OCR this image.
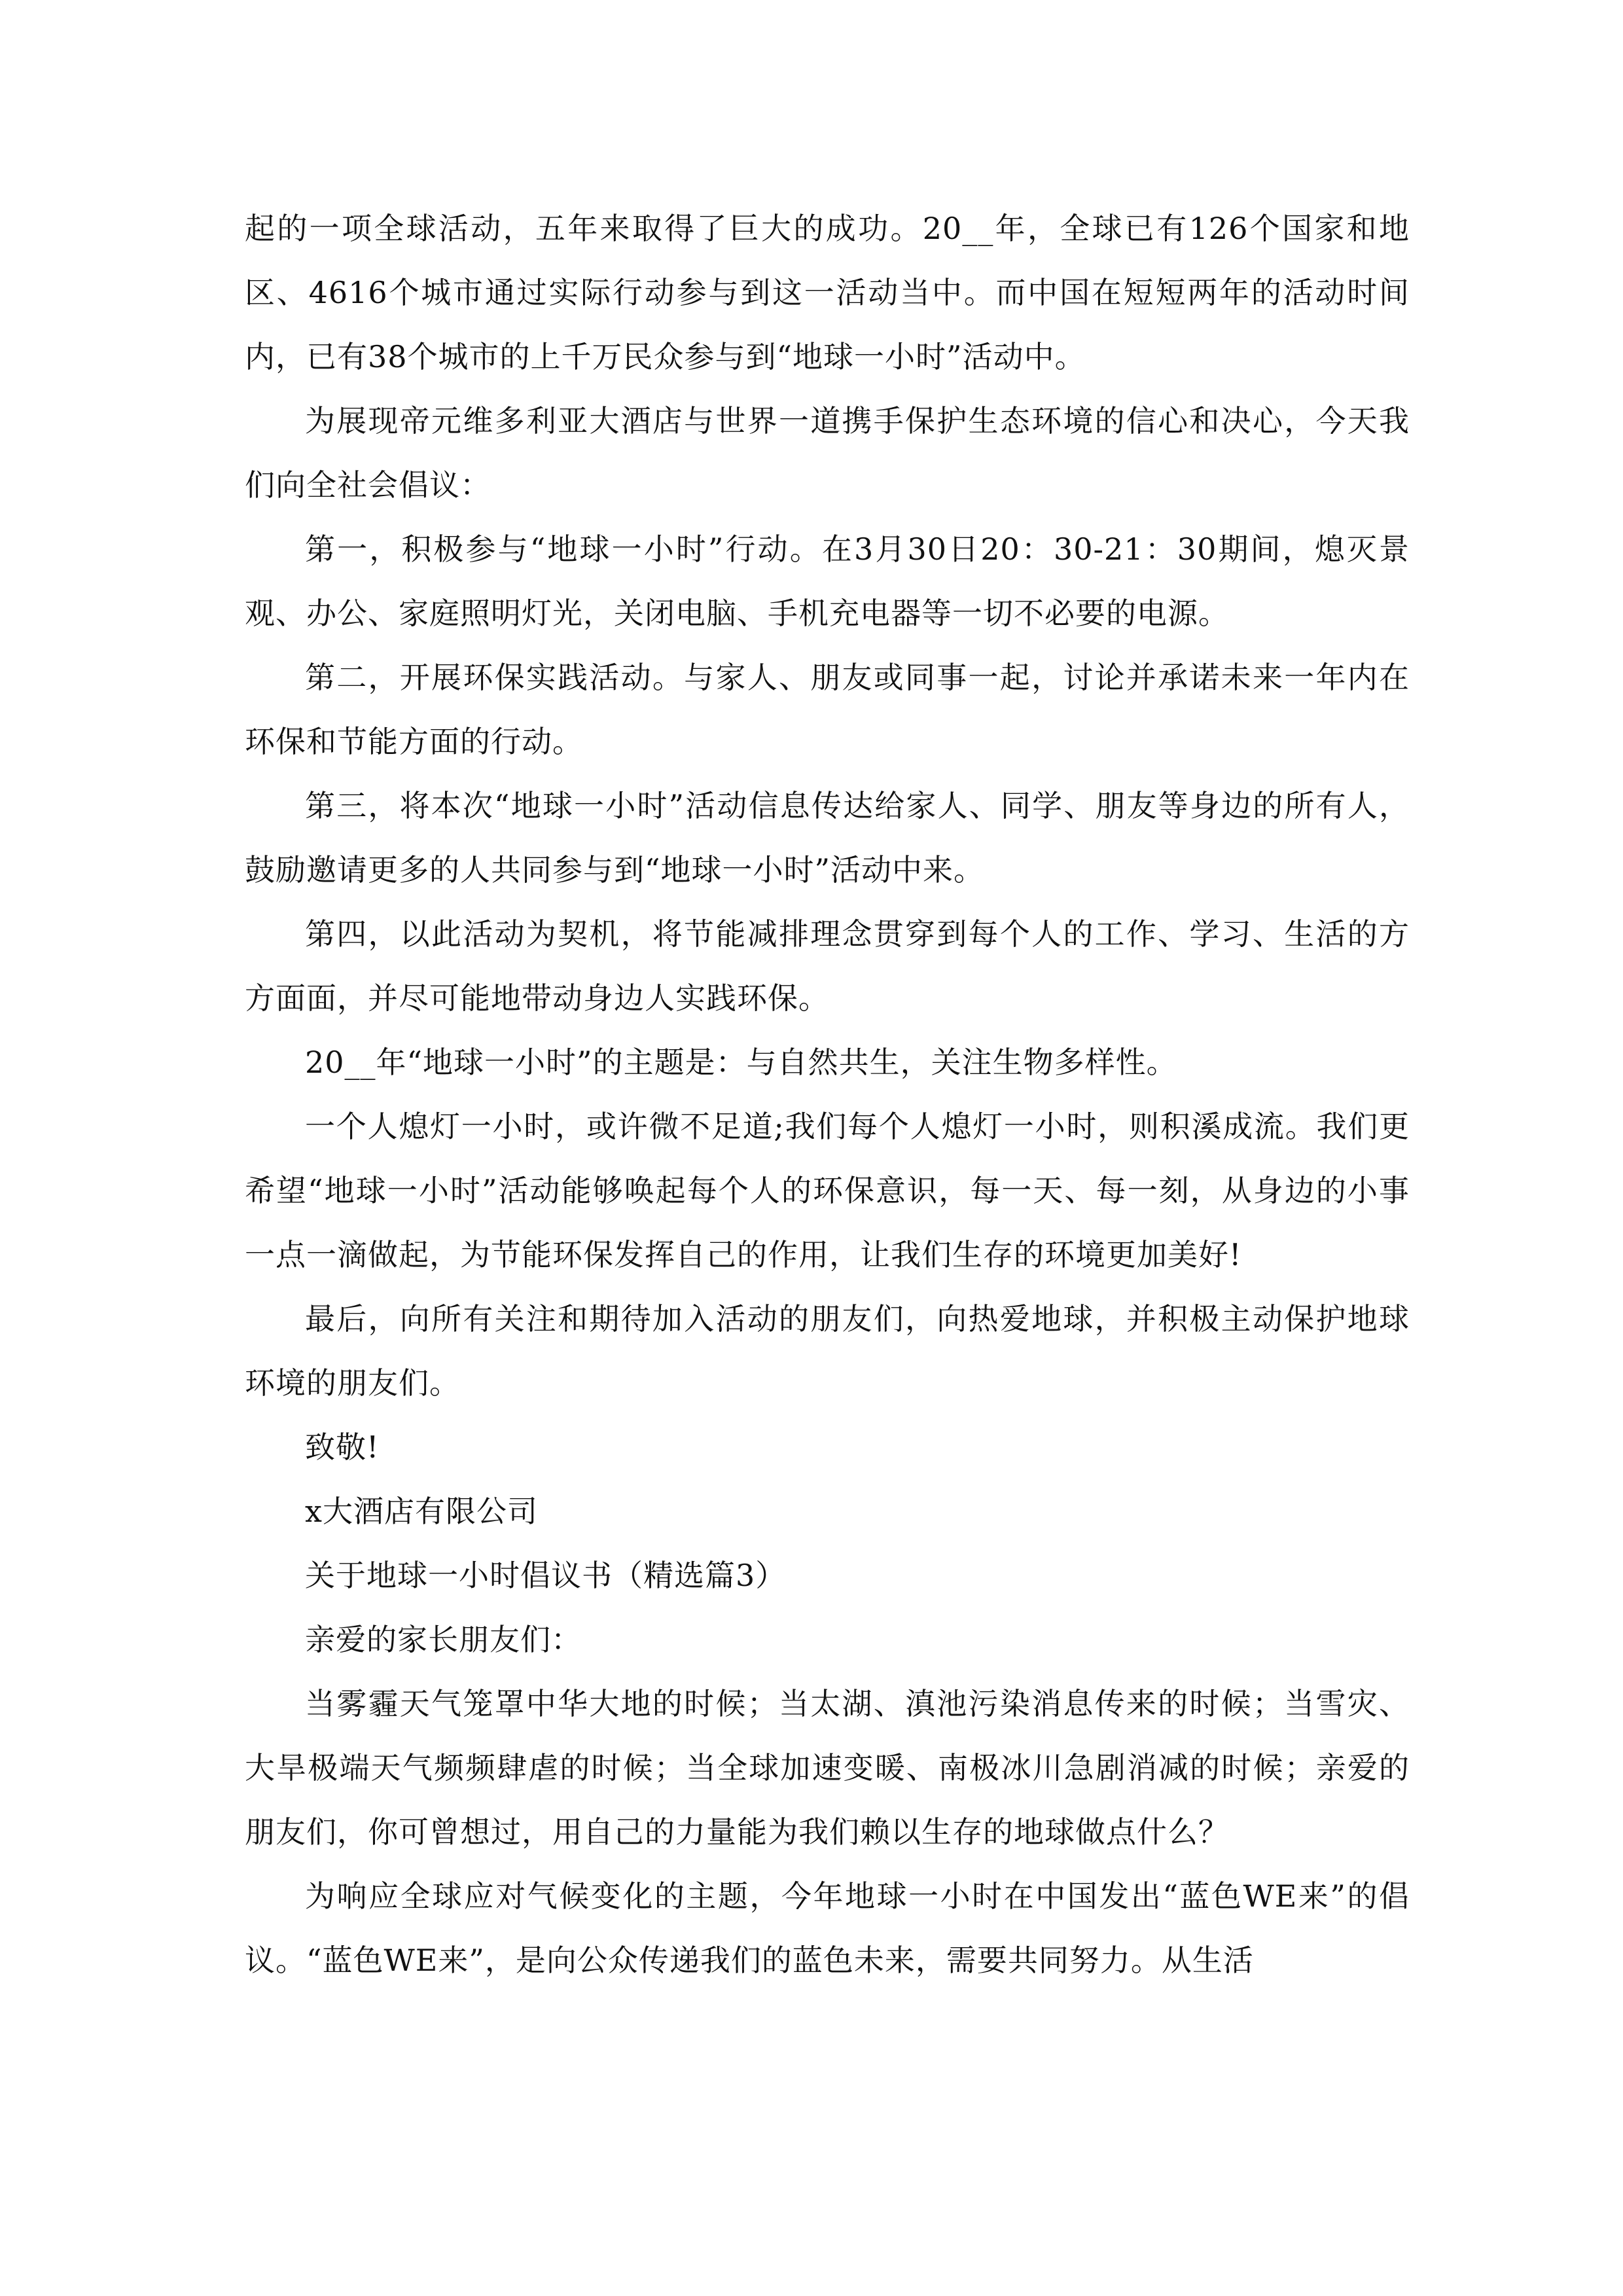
起的一项全球活动，五年来取得了巨大的成功。20__年，全球已有126个国家和地区、4616个城市通过实际行动参与到这一活动当中。而中国在短短两年的活动时间内，已有38个城市的上千万民众参与到“地球一小时”活动中。

为展现帝元维多利亚大酒店与世界一道携手保护生态环境的信心和决心，今天我们向全社会倡议：

第一，积极参与“地球一小时”行动。在3月30日20：30-21：30期间，熄灭景观、办公、家庭照明灯光，关闭电脑、手机充电器等一切不必要的电源。

第二，开展环保实践活动。与家人、朋友或同事一起，讨论并承诺未来一年内在环保和节能方面的行动。

第三，将本次“地球一小时”活动信息传达给家人、同学、朋友等身边的所有人，鼓励邀请更多的人共同参与到“地球一小时”活动中来。

第四，以此活动为契机，将节能减排理念贯穿到每个人的工作、学习、生活的方方面面，并尽可能地带动身边人实践环保。

20__年“地球一小时”的主题是：与自然共生，关注生物多样性。

一个人熄灯一小时，或许微不足道;我们每个人熄灯一小时，则积溪成流。我们更希望“地球一小时”活动能够唤起每个人的环保意识，每一天、每一刻，从身边的小事一点一滴做起，为节能环保发挥自己的作用，让我们生存的环境更加美好!

最后，向所有关注和期待加入活动的朋友们，向热爱地球，并积极主动保护地球环境的朋友们。

致敬!

x大酒店有限公司

关于地球一小时倡议书（精选篇3）

亲爱的家长朋友们：

当雾霾天气笼罩中华大地的时候；当太湖、滇池污染消息传来的时候；当雪灾、大旱极端天气频频肆虐的时候；当全球加速变暖、南极冰川急剧消减的时候；亲爱的朋友们，你可曾想过，用自己的力量能为我们赖以生存的地球做点什么？

为响应全球应对气候变化的主题，今年地球一小时在中国发出“蓝色WE来”的倡议。“蓝色WE来”，是向公众传递我们的蓝色未来，需要共同努力。从生活
